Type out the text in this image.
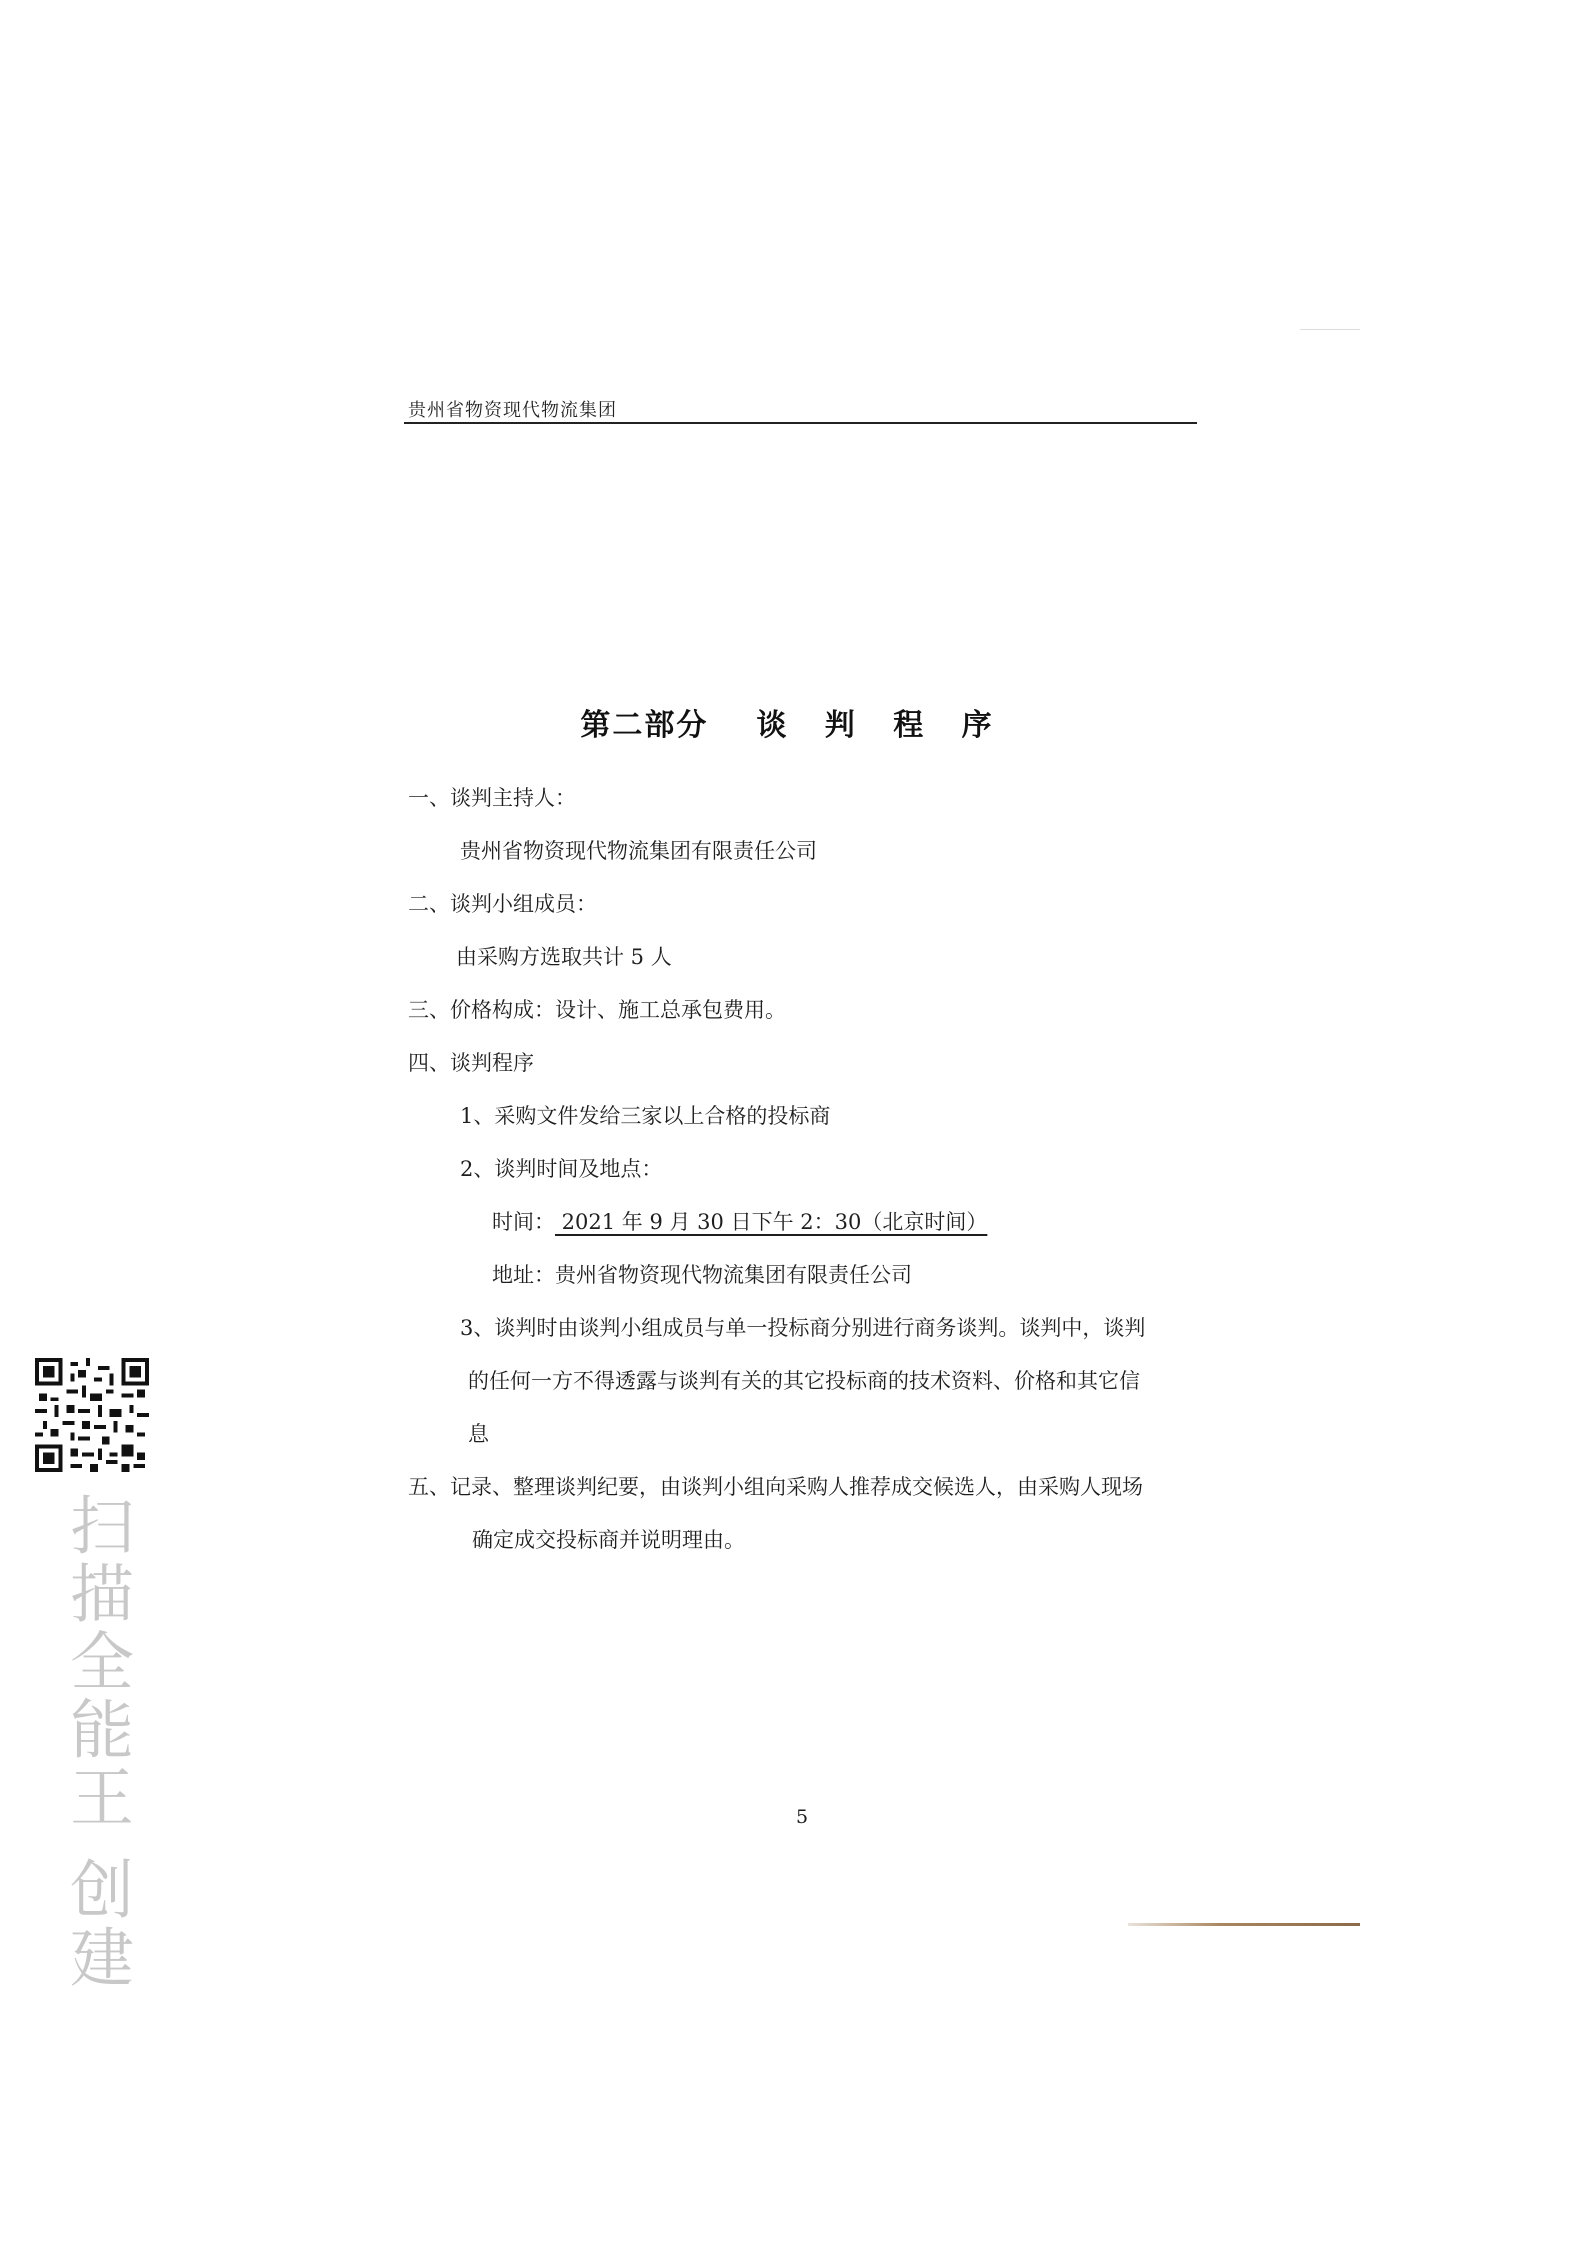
贵州省物资现代物流集团
第二部分 谈 判 程 序
一、谈判主持人：
贵州省物资现代物流集团有限责任公司
二、谈判小组成员：
由采购方选取共计 5 人
三、价格构成：设计、施工总承包费用。
四、谈判程序
1、采购文件发给三家以上合格的投标商
2、谈判时间及地点：
时间： 2021 年 9 月 30 日下午 2：30（北京时间）
地址：贵州省物资现代物流集团有限责任公司
3、谈判时由谈判小组成员与单一投标商分别进行商务谈判。谈判中，谈判
的任何一方不得透露与谈判有关的其它投标商的技术资料、价格和其它信
息
五、记录、整理谈判纪要，由谈判小组向采购人推荐成交候选人，由采购人现场
确定成交投标商并说明理由。
5
扫描全能王 创建
